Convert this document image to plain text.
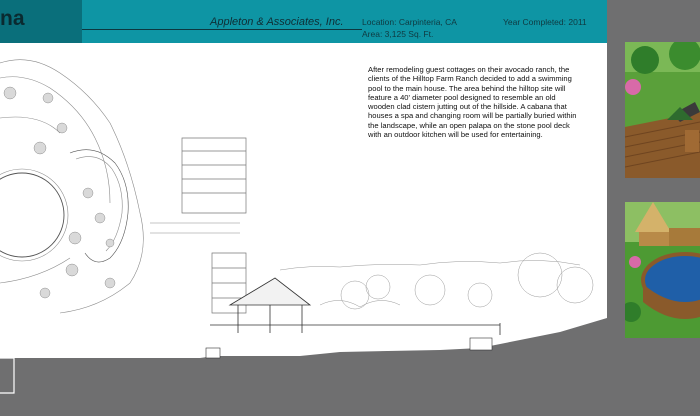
na	Appleton & Associates, Inc. Location: Carpinteria, CA
Area: 3,125 Sq. Ft.
Year Completed: 2011
After remodeling guest cottages on their avocado ranch, the clients of the Hilltop Farm Ranch decided to add a swimming pool to the main house. The area behind the hilltop site will feature a 40' diameter pool designed to resemble an old wooden clad cistern jutting out of the hillside. A cabana that houses a spa and changing room will be partially buried within the landscape, while an open palapa on the stone pool deck with an outdoor kitchen will be used for entertaining.
